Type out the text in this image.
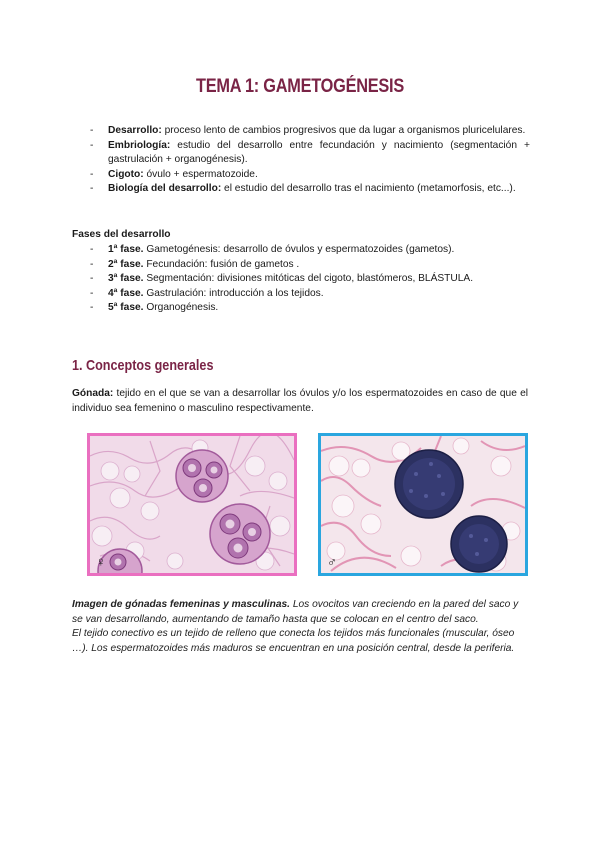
TEMA 1: GAMETOGÉNESIS
- Desarrollo: proceso lento de cambios progresivos que da lugar a organismos pluricelulares.
- Embriología: estudio del desarrollo entre fecundación y nacimiento (segmentación + gastrulación + organogénesis).
- Cigoto: óvulo + espermatozoide.
- Biología del desarrollo: el estudio del desarrollo tras el nacimiento (metamorfosis, etc...).
Fases del desarrollo
- 1ª fase. Gametogénesis: desarrollo de óvulos y espermatozoides (gametos).
- 2ª fase. Fecundación: fusión de gametos .
- 3ª fase. Segmentación: divisiones mitóticas del cigoto, blastómeros, BLÁSTULA.
- 4ª fase. Gastrulación: introducción a los tejidos.
- 5ª fase. Organogénesis.
1. Conceptos generales
Gónada: tejido en el que se van a desarrollar los óvulos y/o los espermatozoides en caso de que el individuo sea femenino o masculino respectivamente.
♀	♂

Imagen de gónadas femeninas y masculinas. Los ovocitos van creciendo en la pared del saco y se van desarrollando, aumentando de tamaño hasta que se colocan en el centro del saco.

El tejido conectivo es un tejido de relleno que conecta los tejidos más funcionales (muscular, óseo …). Los espermatozoides más maduros se encuentran en una posición central, desde la periferia.
